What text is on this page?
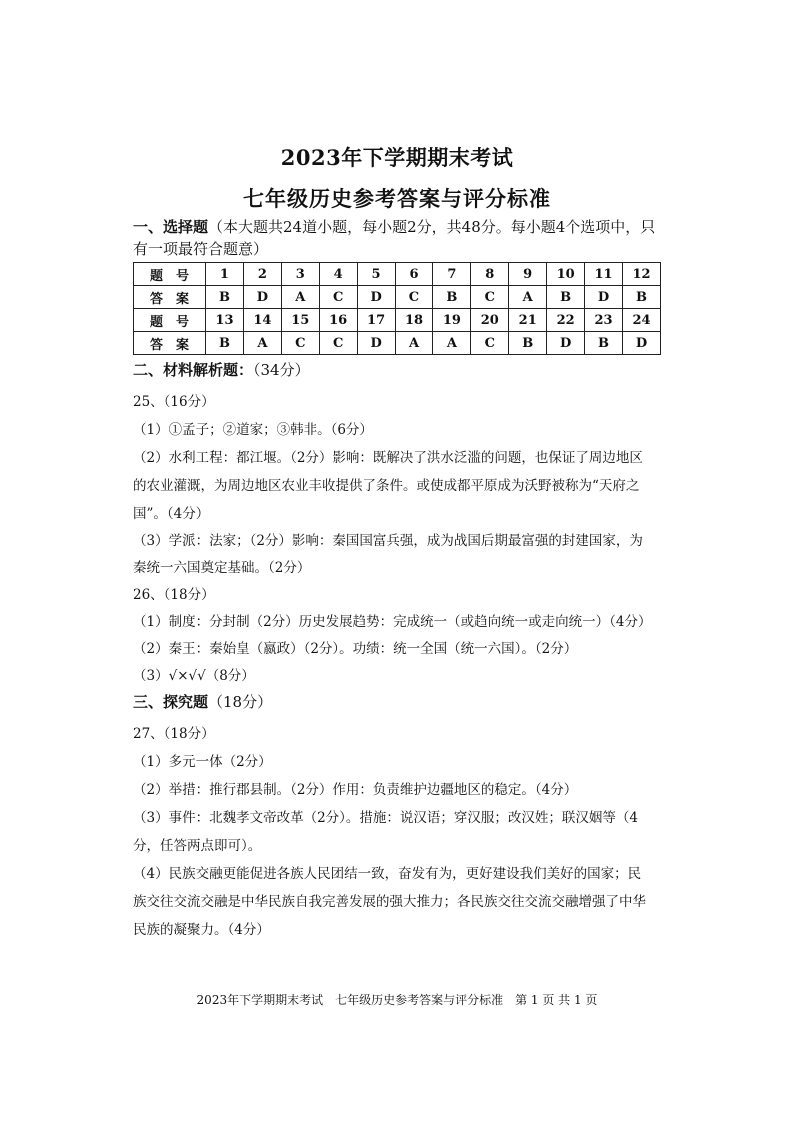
2023年下学期期末考试
七年级历史参考答案与评分标准
一、选择题（本大题共24道小题，每小题2分，共48分。每小题4个选项中，只有一项最符合题意）
题　号	1	2	3	4	5	6	7	8	9	10	11	12
答　案	B	D	A	C	D	C	B	C	A	B	D	B
题　号	13	14	15	16	17	18	19	20	21	22	23	24
答　案	B	A	C	C	D	A	A	C	B	D	B	D
二、材料解析题：（34分）
25、（16分）
（1）①孟子；②道家；③韩非。（6分）
（2）水利工程：都江堰。（2分）影响：既解决了洪水泛滥的问题，也保证了周边地区
的农业灌溉，为周边地区农业丰收提供了条件。或使成都平原成为沃野被称为“天府之
国”。（4分）
（3）学派：法家；（2分）影响：秦国国富兵强，成为战国后期最富强的封建国家，为
秦统一六国奠定基础。（2分）
26、（18分）
（1）制度：分封制（2分）历史发展趋势：完成统一（或趋向统一或走向统一）（4分）
（2）秦王：秦始皇（嬴政）（2分）。功绩：统一全国（统一六国）。（2分）
（3）√×√√（8分）
三、探究题（18分）
27、（18分）
（1）多元一体（2分）
（2）举措：推行郡县制。（2分）作用：负责维护边疆地区的稳定。（4分）
（3）事件：北魏孝文帝改革（2分）。措施：说汉语；穿汉服；改汉姓；联汉姻等（4
分，任答两点即可）。
（4）民族交融更能促进各族人民团结一致，奋发有为，更好建设我们美好的国家；民
族交往交流交融是中华民族自我完善发展的强大推力；各民族交往交流交融增强了中华
民族的凝聚力。（4分）
2023年下学期期末考试　七年级历史参考答案与评分标准　第 1 页 共 1 页
